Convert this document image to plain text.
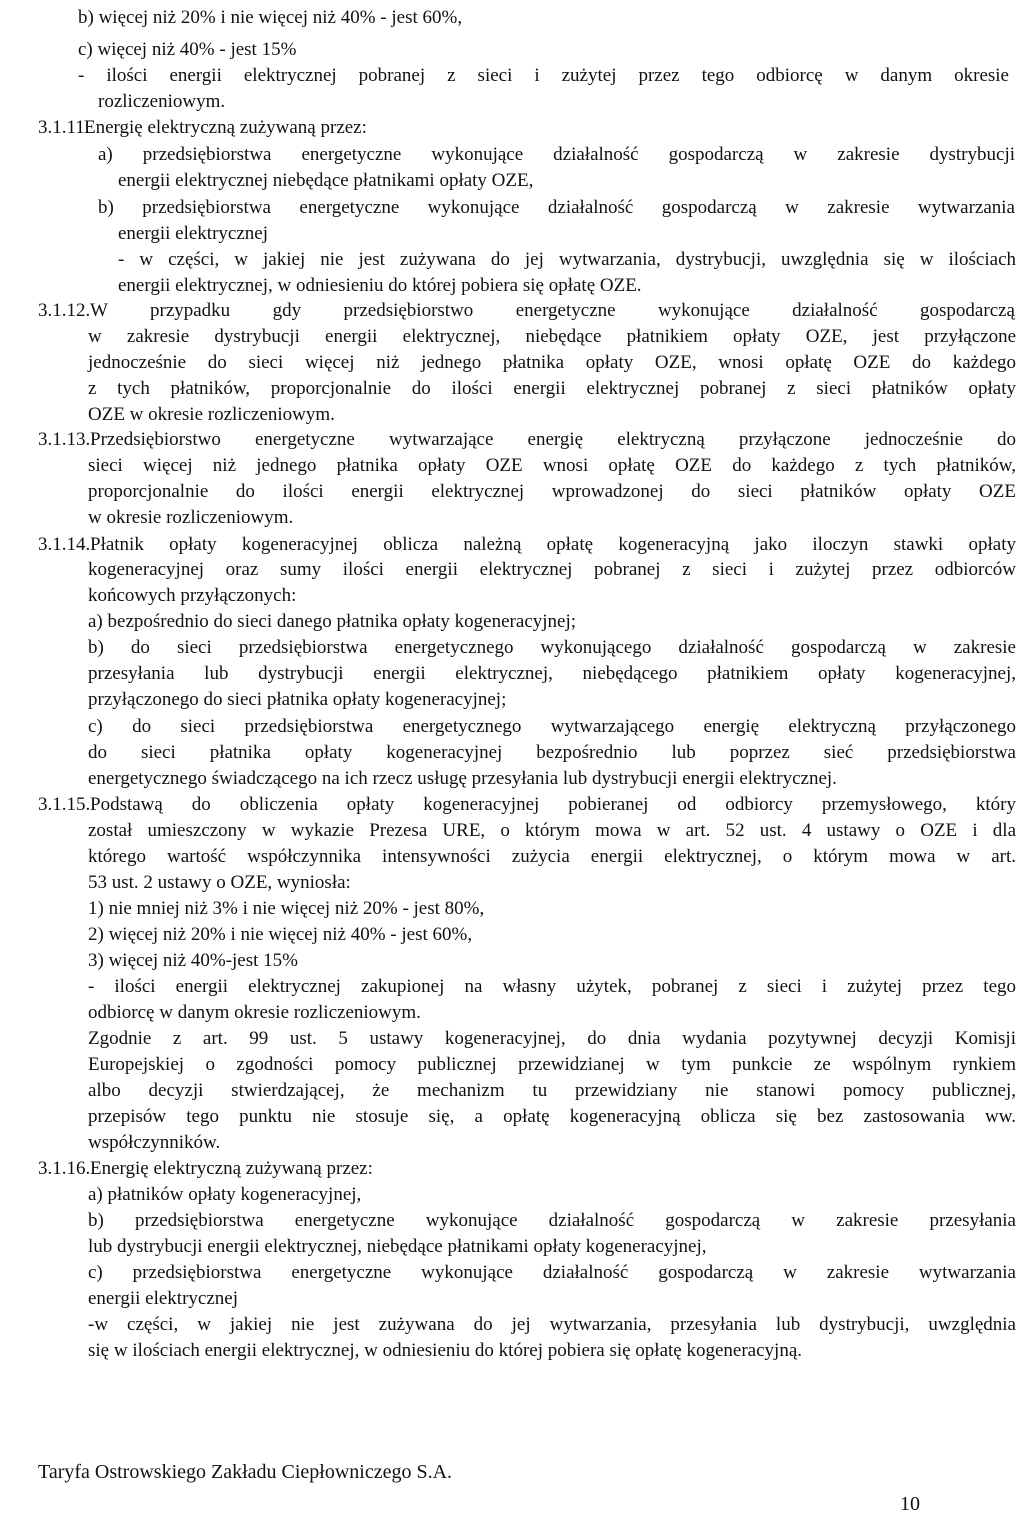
b) więcej niż 20% i nie więcej niż 40% - jest 60%,
c) więcej niż 40% - jest 15%
- ilości energii elektrycznej pobranej z sieci i zużytej przez tego odbiorcę w danym okresie
rozliczeniowym.
3.1.11.
Energię elektryczną zużywaną przez:
a) przedsiębiorstwa energetyczne wykonujące działalność gospodarczą w zakresie dystrybucji
energii elektrycznej niebędące płatnikami opłaty OZE,
b) przedsiębiorstwa energetyczne wykonujące działalność gospodarczą w zakresie wytwarzania
energii elektrycznej
- w części, w jakiej nie jest zużywana do jej wytwarzania, dystrybucji, uwzględnia się w ilościach
energii elektrycznej, w odniesieniu do której pobiera się opłatę OZE.
3.1.12. W przypadku gdy przedsiębiorstwo energetyczne wykonujące działalność gospodarczą
w zakresie dystrybucji energii elektrycznej, niebędące płatnikiem opłaty OZE, jest przyłączone
jednocześnie do sieci więcej niż jednego płatnika opłaty OZE, wnosi opłatę OZE do każdego
z tych płatników, proporcjonalnie do ilości energii elektrycznej pobranej z sieci płatników opłaty
OZE w okresie rozliczeniowym.
3.1.13. Przedsiębiorstwo energetyczne wytwarzające energię elektryczną przyłączone jednocześnie do
sieci więcej niż jednego płatnika opłaty OZE wnosi opłatę OZE do każdego z tych płatników,
proporcjonalnie do ilości energii elektrycznej wprowadzonej do sieci płatników opłaty OZE
w okresie rozliczeniowym.
3.1.14. Płatnik opłaty kogeneracyjnej oblicza należną opłatę kogeneracyjną jako iloczyn stawki opłaty
kogeneracyjnej oraz sumy ilości energii elektrycznej pobranej z sieci i zużytej przez odbiorców
końcowych przyłączonych:
a) bezpośrednio do sieci danego płatnika opłaty kogeneracyjnej;
b) do sieci przedsiębiorstwa energetycznego wykonującego działalność gospodarczą w zakresie
przesyłania lub dystrybucji energii elektrycznej, niebędącego płatnikiem opłaty kogeneracyjnej,
przyłączonego do sieci płatnika opłaty kogeneracyjnej;
c) do sieci przedsiębiorstwa energetycznego wytwarzającego energię elektryczną przyłączonego
do sieci płatnika opłaty kogeneracyjnej bezpośrednio lub poprzez sieć przedsiębiorstwa
energetycznego świadczącego na ich rzecz usługę przesyłania lub dystrybucji energii elektrycznej.
3.1.15. Podstawą do obliczenia opłaty kogeneracyjnej pobieranej od odbiorcy przemysłowego, który
został umieszczony w wykazie Prezesa URE, o którym mowa w art. 52 ust. 4 ustawy o OZE i dla
którego wartość współczynnika intensywności zużycia energii elektrycznej, o którym mowa w art.
53 ust. 2 ustawy o OZE, wyniosła:
1) nie mniej niż 3% i nie więcej niż 20% - jest 80%,
2) więcej niż 20% i nie więcej niż 40% - jest 60%,
3) więcej niż 40%-jest 15%
- ilości energii elektrycznej zakupionej na własny użytek, pobranej z sieci i zużytej przez tego
odbiorcę w danym okresie rozliczeniowym.
Zgodnie z art. 99 ust. 5 ustawy kogeneracyjnej, do dnia wydania pozytywnej decyzji Komisji
Europejskiej o zgodności pomocy publicznej przewidzianej w tym punkcie ze wspólnym rynkiem
albo decyzji stwierdzającej, że mechanizm tu przewidziany nie stanowi pomocy publicznej,
przepisów tego punktu nie stosuje się, a opłatę kogeneracyjną oblicza się bez zastosowania ww.
współczynników.
3.1.16. Energię elektryczną zużywaną przez:
a) płatników opłaty kogeneracyjnej,
b) przedsiębiorstwa energetyczne wykonujące działalność gospodarczą w zakresie przesyłania
lub dystrybucji energii elektrycznej, niebędące płatnikami opłaty kogeneracyjnej,
c) przedsiębiorstwa energetyczne wykonujące działalność gospodarczą w zakresie wytwarzania
energii elektrycznej
-w części, w jakiej nie jest zużywana do jej wytwarzania, przesyłania lub dystrybucji, uwzględnia
się w ilościach energii elektrycznej, w odniesieniu do której pobiera się opłatę kogeneracyjną.
Taryfa Ostrowskiego Zakładu Ciepłowniczego S.A.
10
